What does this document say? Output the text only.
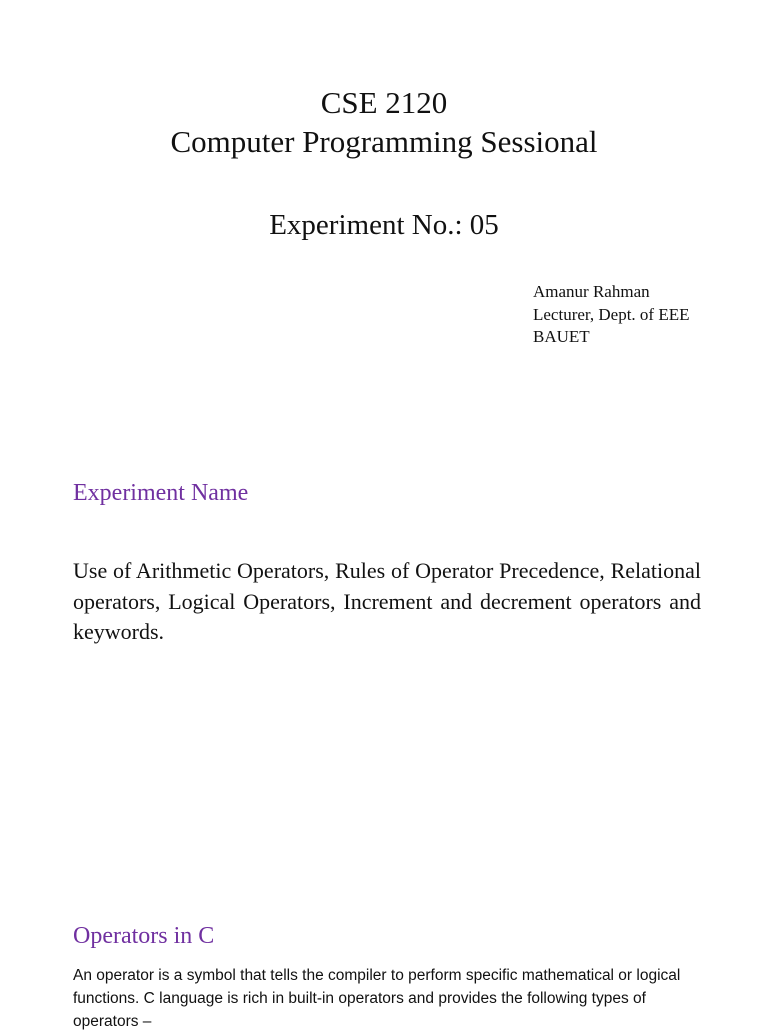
CSE 2120
Computer Programming Sessional
Experiment No.: 05
Amanur Rahman
Lecturer, Dept. of EEE
BAUET
Experiment Name
Use of Arithmetic Operators, Rules of Operator Precedence, Relational operators, Logical Operators, Increment and decrement operators and keywords.
Operators in C
An operator is a symbol that tells the compiler to perform specific mathematical or logical functions. C language is rich in built-in operators and provides the following types of operators –
